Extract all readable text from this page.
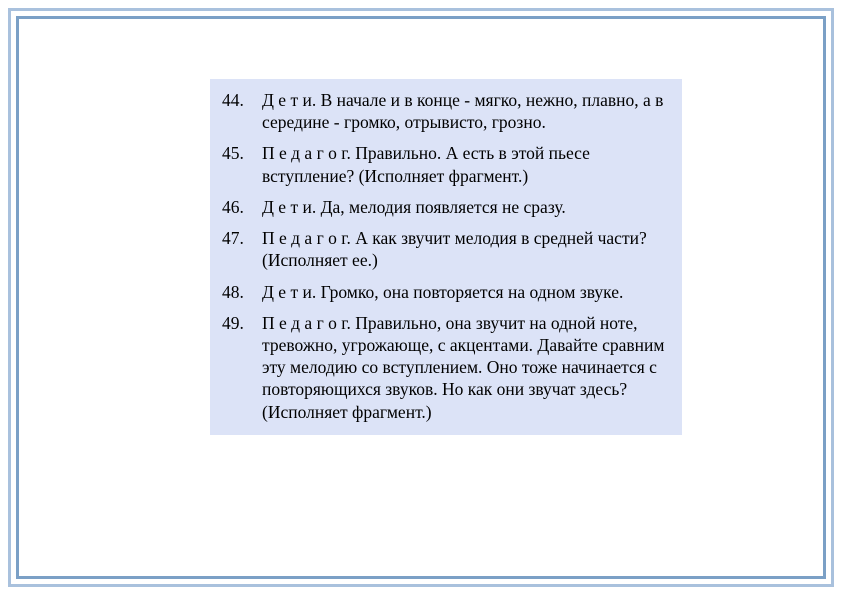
44.	Д е т и. В начале и в конце - мягко, нежно, плавно, а в середине - громко, отрывисто, грозно.
45.	П е д а г о г. Правильно. А есть в этой пьесе вступление? (Исполняет фрагмент.)
46.	Д е т и. Да, мелодия появляется не сразу.
47.	П е д а г о г. А как звучит мелодия в средней части? (Исполняет ее.)
48.	Д е т и. Громко, она повторяется на одном звуке.
49.	П е д а г о г. Правильно, она звучит на одной ноте, тревожно, угрожающе, с акцентами. Давайте сравним эту мелодию со вступлением. Оно тоже начинается с повторяющихся звуков. Но как они звучат здесь? (Исполняет фрагмент.)
